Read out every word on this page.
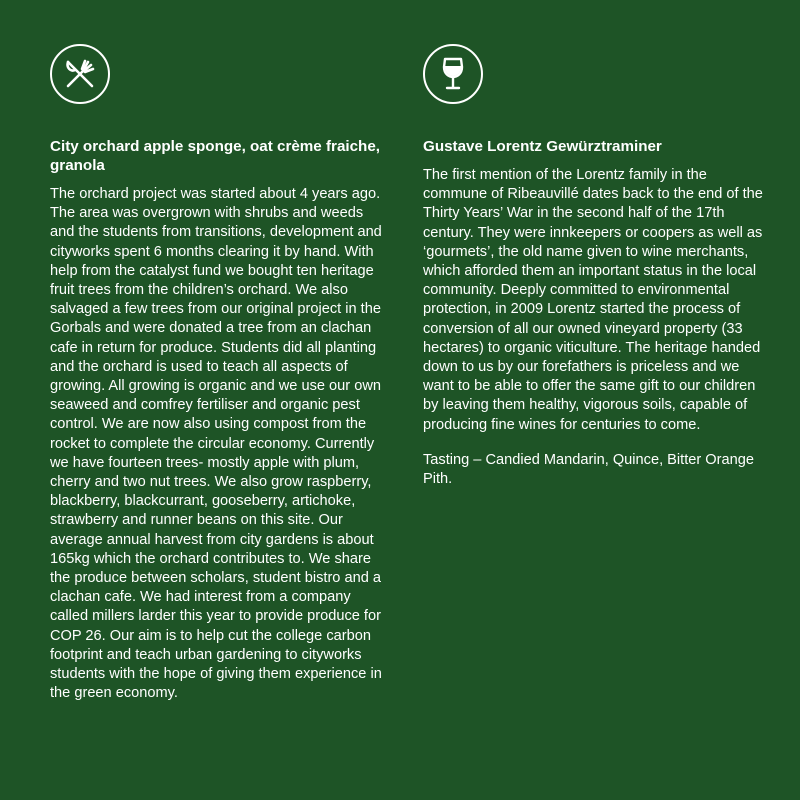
City orchard apple sponge, oat crème fraiche, granola

The orchard project was started about 4 years ago. The area was overgrown with shrubs and weeds and the students from transitions, development and cityworks spent 6 months clearing it by hand. With help from the catalyst fund we bought ten heritage fruit trees from the children’s orchard. We also salvaged a few trees from our original project in the Gorbals and were donated a tree from an clachan cafe in return for produce. Students did all planting and the orchard is used to teach all aspects of growing. All growing is organic and we use our own seaweed and comfrey fertiliser and organic pest control. We are now also using compost from the rocket to complete the circular economy. Currently we have fourteen trees- mostly apple with plum, cherry and two nut trees. We also grow raspberry, blackberry, blackcurrant, gooseberry, artichoke, strawberry and runner beans on this site. Our average annual harvest from city gardens is about 165kg which the orchard contributes to. We share the produce between scholars, student bistro and a clachan cafe. We had interest from a company called millers larder this year to provide produce for COP 26. Our aim is to help cut the college carbon footprint and teach urban gardening to cityworks students with the hope of giving them experience in the green economy.

Gustave Lorentz Gewürztraminer

The first mention of the Lorentz family in the commune of Ribeauvillé dates back to the end of the Thirty Years’ War in the second half of the 17th century. They were innkeepers or coopers as well as ‘gourmets’, the old name given to wine merchants, which afforded them an important status in the local community. Deeply committed to environmental protection, in 2009 Lorentz started the process of conversion of all our owned vineyard property (33 hectares) to organic viticulture. The heritage handed down to us by our forefathers is priceless and we want to be able to offer the same gift to our children by leaving them healthy, vigorous soils, capable of producing fine wines for centuries to come.

Tasting – Candied Mandarin, Quince, Bitter Orange Pith.
